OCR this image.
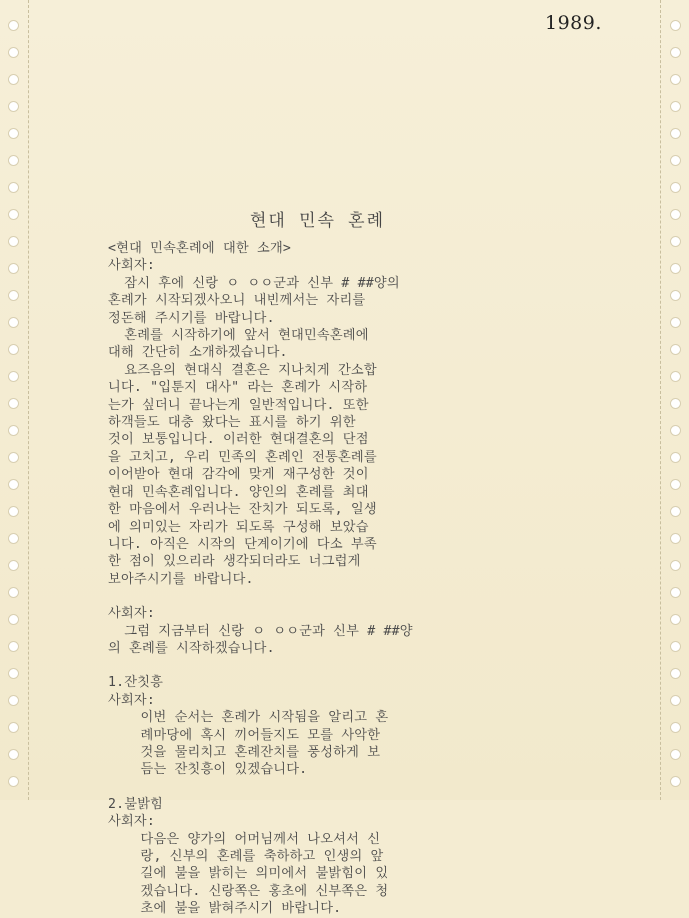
1989.
현대 민속 혼례

<현대 민속혼례에 대한 소개>

사회자:

잠시 후에 신랑 ㅇ ㅇㅇ군과 신부 # ##양의

혼례가 시작되겠사오니 내빈께서는 자리를

정돈해 주시기를 바랍니다.

혼례를 시작하기에 앞서 현대민속혼례에

대해 간단히 소개하겠습니다.

요즈음의 현대식 결혼은 지나치게 간소합

니다. "입툰지 대사" 라는 혼례가 시작하

는가 싶더니 끝나는게 일반적입니다. 또한

하객들도 대충 왔다는 표시를 하기 위한

것이 보통입니다. 이러한 현대결혼의 단점

을 고치고, 우리 민족의 혼례인 전통혼례를

이어받아 현대 감각에 맞게 재구성한 것이

현대 민속혼례입니다. 양인의 혼례를 최대

한 마음에서 우러나는 잔치가 되도록, 일생

에 의미있는 자리가 되도록 구성해 보았습

니다. 아직은 시작의 단계이기에 다소 부족

한 점이 있으리라 생각되더라도 너그럽게

보아주시기를 바랍니다.

사회자:

그럼 지금부터 신랑 ㅇ ㅇㅇ군과 신부 # ##양

의 혼례를 시작하겠습니다.

1.잔칫흥

사회자:

이번 순서는 혼례가 시작됨을 알리고 혼

례마당에 혹시 끼어들지도 모를 사악한

것을 물리치고 혼례잔치를 풍성하게 보

듬는 잔칫흥이 있겠습니다.

2.불밝힘

사회자:

다음은 양가의 어머님께서 나오셔서 신

랑, 신부의 혼례를 축하하고 인생의 앞

길에 불을 밝히는 의미에서 불밝힘이 있

겠습니다. 신랑쪽은 홍초에 신부쪽은 청

초에 불을 밝혀주시기 바랍니다.
